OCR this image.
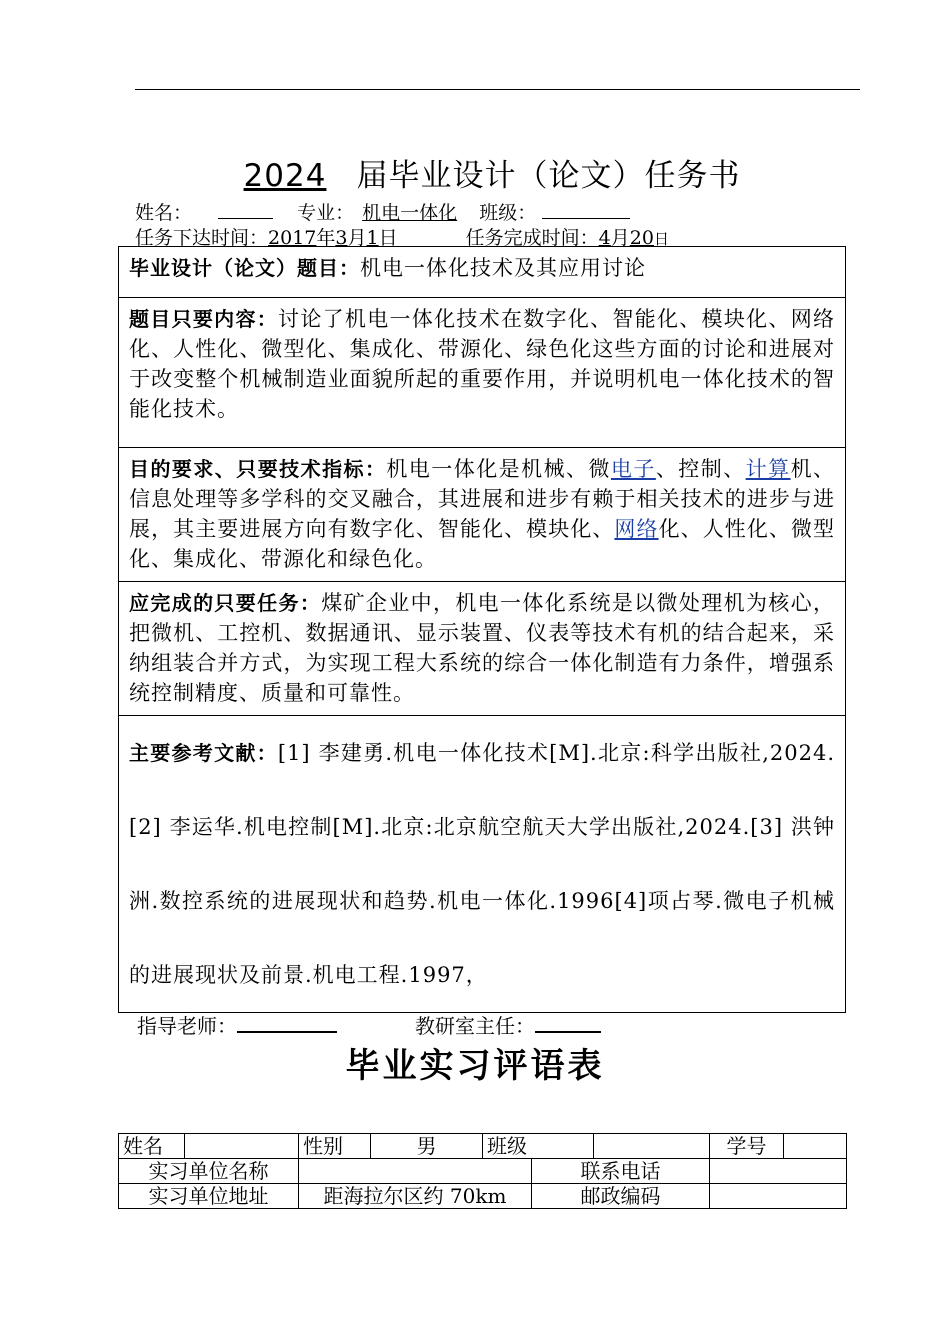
2024 届毕业设计（论文）任务书
姓名：	专业： 机电一体化 班级：
任务下达时间：2017年3月1日	任务完成时间：4月20日
毕业设计（论文）题目：机电一体化技术及其应用讨论
题目只要内容：讨论了机电一体化技术在数字化、智能化、模块化、网络化、人性化、微型化、集成化、带源化、绿色化这些方面的讨论和进展对于改变整个机械制造业面貌所起的重要作用，并说明机电一体化技术的智能化技术。
目的要求、只要技术指标：机电一体化是机械、微电子、控制、计算机、信息处理等多学科的交叉融合，其进展和进步有赖于相关技术的进步与进展，其主要进展方向有数字化、智能化、模块化、网络化、人性化、微型化、集成化、带源化和绿色化。
应完成的只要任务：煤矿企业中，机电一体化系统是以微处理机为核心，把微机、工控机、数据通讯、显示装置、仪表等技术有机的结合起来，采纳组装合并方式，为实现工程大系统的综合一体化制造有力条件，增强系统控制精度、质量和可靠性。
主要参考文献：[1] 李建勇.机电一体化技术[M].北京:科学出版社,2024.[2] 李运华.机电控制[M].北京:北京航空航天大学出版社,2024.[3] 洪钟洲.数控系统的进展现状和趋势.机电一体化.1996[4]项占琴.微电子机械的进展现状及前景.机电工程.1997，
指导老师：	教研室主任：
毕业实习评语表
姓名		性别	男	班级			学号	
实习单位名称					联系电话			
实习单位地址		距海拉尔区约 70km			邮政编码			
